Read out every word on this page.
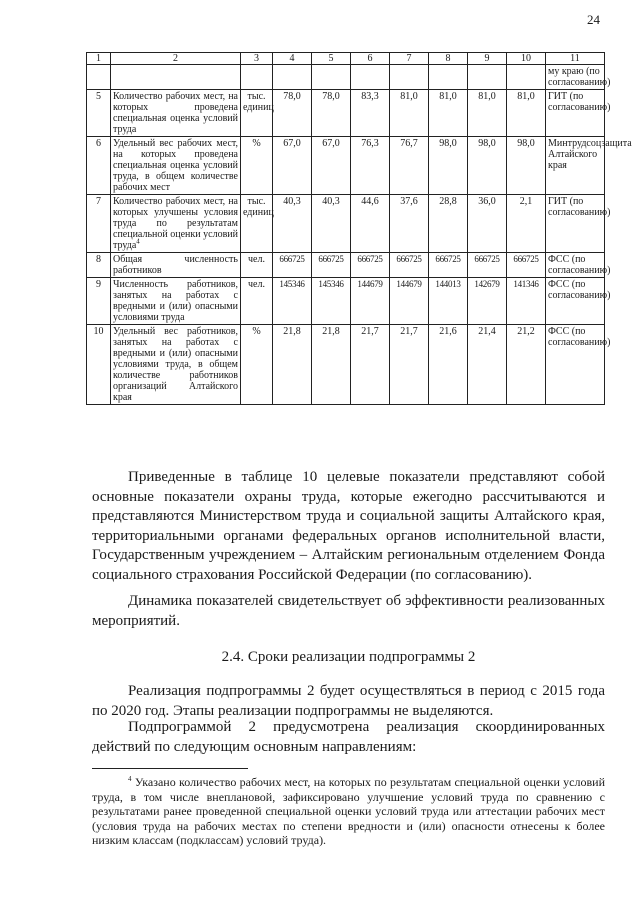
24
1	2	3	4	5	6	7	8	9	10	11
										му краю (по согласованию)
5	Количество рабочих мест, на которых проведена специальная оценка условий труда	тыс. единиц	78,0	78,0	83,3	81,0	81,0	81,0	81,0	ГИТ (по согласованию)
6	Удельный вес рабочих мест, на которых проведена специальная оценка условий труда, в общем количестве рабочих мест	%	67,0	67,0	76,3	76,7	98,0	98,0	98,0	Минтрудсоцзащита Алтайского края
7	Количество рабочих мест, на которых улучшены условия труда по результатам специальной оценки условий труда$^4$	тыс. единиц	40,3	40,3	44,6	37,6	28,8	36,0	2,1	ГИТ (по согласованию)
8	Общая численность работников	чел.	666725	666725	666725	666725	666725	666725	666725	ФСС (по согласованию)
9	Численность работников, занятых на работах с вредными и (или) опасными условиями труда	чел.	145346	145346	144679	144679	144013	142679	141346	ФСС (по согласованию)
10	Удельный вес работников, занятых на работах с вредными и (или) опасными условиями труда, в общем количестве работников организаций Алтайского края	%	21,8	21,8	21,7	21,7	21,6	21,4	21,2	ФСС (по согласованию)

Приведенные в таблице 10 целевые показатели представляют собой основные показатели охраны труда, которые ежегодно рассчитываются и представляются Министерством труда и социальной защиты Алтайского края, территориальными органами федеральных органов исполнительной власти, Государственным учреждением – Алтайским региональным отделением Фонда социального страхования Российской Федерации (по согласованию).

Динамика показателей свидетельствует об эффективности реализованных мероприятий.

2.4. Сроки реализации подпрограммы 2

Реализация подпрограммы 2 будет осуществляться в период с 2015 года по 2020 год. Этапы реализации подпрограммы не выделяются.

Подпрограммой 2 предусмотрена реализация скоординированных действий по следующим основным направлениям:

$^4$ Указано количество рабочих мест, на которых по результатам специальной оценки условий труда, в том числе внеплановой, зафиксировано улучшение условий труда по сравнению с результатами ранее проведенной специальной оценки условий труда или аттестации рабочих мест (условия труда на рабочих местах по степени вредности и (или) опасности отнесены к более низким классам (подклассам) условий труда).
